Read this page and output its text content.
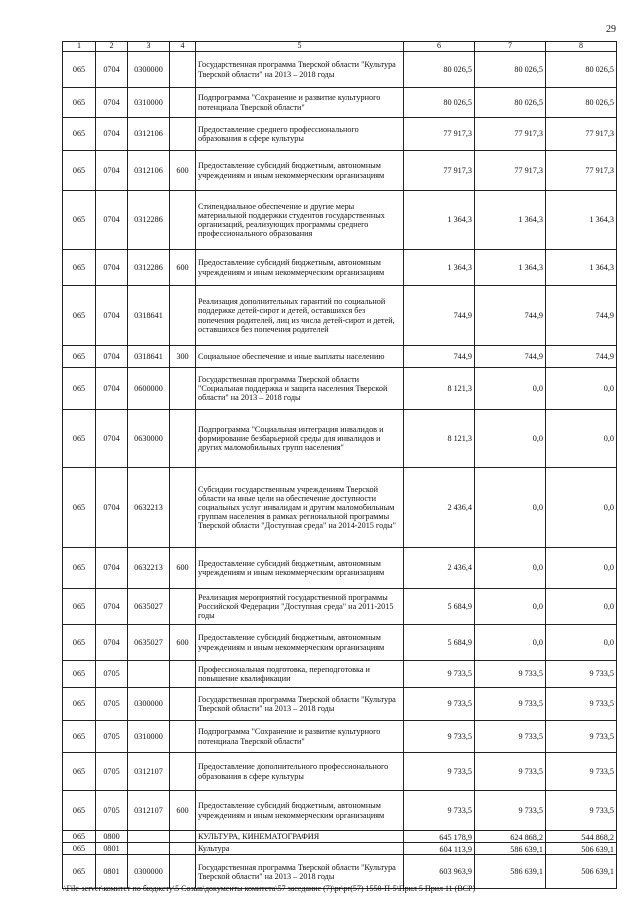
29
1	2	3	4	5	6	7	8
065	0704	0300000		Государственная программа Тверской области "Культура Тверской области" на 2013 – 2018 годы	80 026,5	80 026,5	80 026,5
065	0704	0310000		Подпрограмма "Сохранение и развитие культурного потенциала Тверской области"	80 026,5	80 026,5	80 026,5
065	0704	0312106		Предоставление среднего профессионального образования в сфере культуры	77 917,3	77 917,3	77 917,3
065	0704	0312106	600	Предоставление субсидий бюджетным, автономным учреждениям и иным некоммерческим организациям	77 917,3	77 917,3	77 917,3
065	0704	0312286		Стипендиальное обеспечение и другие меры материальной поддержки студентов государственных организаций, реализующих программы среднего профессионального образования	1 364,3	1 364,3	1 364,3
065	0704	0312286	600	Предоставление субсидий бюджетным, автономным учреждениям и иным некоммерческим организациям	1 364,3	1 364,3	1 364,3
065	0704	0318641		Реализация дополнительных гарантий по социальной поддержке детей-сирот и детей, оставшихся без попечения родителей, лиц из числа детей-сирот и детей, оставшихся без попечения родителей	744,9	744,9	744,9
065	0704	0318641	300	Социальное обеспечение и иные выплаты населению	744,9	744,9	744,9
065	0704	0600000		Государственная программа Тверской области "Социальная поддержка и защита населения Тверской области" на 2013 – 2018 годы	8 121,3	0,0	0,0
065	0704	0630000		Подпрограмма "Социальная интеграция инвалидов и формирование безбарьерной среды для инвалидов и других маломобильных групп населения"	8 121,3	0,0	0,0
065	0704	0632213		Субсидии государственным учреждениям Тверской области на иные цели на обеспечение доступности социальных услуг инвалидам и другим маломобильным группам населения в рамках региональной программы Тверской области "Доступная среда" на 2014-2015 годы"	2 436,4	0,0	0,0
065	0704	0632213	600	Предоставление субсидий бюджетным, автономным учреждениям и иным некоммерческим организациям	2 436,4	0,0	0,0
065	0704	0635027		Реализация мероприятий государственной программы Российской Федерации "Доступная среда" на 2011-2015 годы	5 684,9	0,0	0,0
065	0704	0635027	600	Предоставление субсидий бюджетным, автономным учреждениям и иным некоммерческим организациям	5 684,9	0,0	0,0
065	0705			Профессиональная подготовка, переподготовка и повышение квалификации	9 733,5	9 733,5	9 733,5
065	0705	0300000		Государственная программа Тверской области "Культура Тверской области" на 2013 – 2018 годы	9 733,5	9 733,5	9 733,5
065	0705	0310000		Подпрограмма "Сохранение и развитие культурного потенциала Тверской области"	9 733,5	9 733,5	9 733,5
065	0705	0312107		Предоставление дополнительного профессионального образования в сфере культуры	9 733,5	9 733,5	9 733,5
065	0705	0312107	600	Предоставление субсидий бюджетным, автономным учреждениям и иным некоммерческим организациям	9 733,5	9 733,5	9 733,5
065	0800			КУЛЬТУРА, КИНЕМАТОГРАФИЯ	645 178,9	624 868,2	544 868,2
065	0801			Культура	604 113,9	586 639,1	506 639,1
065	0801	0300000		Государственная программа Тверской области "Культура Тверской области" на 2013 – 2018 годы	603 963,9	586 639,1	506 639,1
\\File-server\комитет по бюджету\5 Созыв\документы комитета\57 заседание (7)\pr\pr(57) 1550-П-5\Прил 5 Прил 11 (ВСР)
